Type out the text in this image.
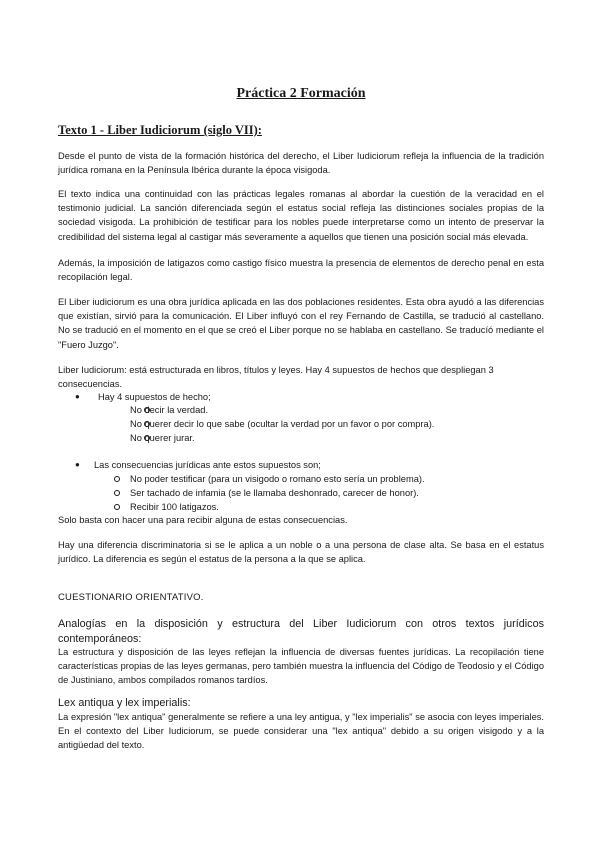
Práctica 2 Formación
Texto 1 - Liber Iudiciorum (siglo VII):

Desde el punto de vista de la formación histórica del derecho, el Liber Iudiciorum refleja la influencia de la tradición jurídica romana en la Península Ibérica durante la época visigoda.

El texto indica una continuidad con las prácticas legales romanas al abordar la cuestión de la veracidad en el testimonio judicial. La sanción diferenciada según el estatus social refleja las distinciones sociales propias de la sociedad visigoda. La prohibición de testificar para los nobles puede interpretarse como un intento de preservar la credibilidad del sistema legal al castigar más severamente a aquellos que tienen una posición social más elevada.

Además, la imposición de latigazos como castigo físico muestra la presencia de elementos de derecho penal en esta recopilación legal.

El Liber iudiciorum es una obra jurídica aplicada en las dos poblaciones residentes. Esta obra ayudó a las diferencias que existían, sirvió para la comunicación. El Liber influyó con el rey Fernando de Castilla, se tradució al castellano. No se tradució en el momento en el que se creó el Liber porque no se hablaba en castellano. Se traducíó mediante el "Fuero Juzgo".

Liber Iudiciorum: está estructurada en libros, títulos y leyes. Hay 4 supuestos de hechos que despliegan 3 consecuencias.

● Hay 4 supuestos de hecho;

No decir la verdad.

No querer decir lo que sabe (ocultar la verdad por un favor o por compra).

No querer jurar.

● Las consecuencias jurídicas ante estos supuestos son;

No poder testificar (para un visigodo o romano esto sería un problema).

Ser tachado de infamia (se le llamaba deshonrado, carecer de honor).

Recibir 100 latigazos.

Solo basta con hacer una para recibir alguna de estas consecuencias.

Hay una diferencia discriminatoria si se le aplica a un noble o a una persona de clase alta. Se basa en el estatus jurídico. La diferencia es según el estatus de la persona a la que se aplica.

CUESTIONARIO ORIENTATIVO.

Analogías en la disposición y estructura del Liber Iudiciorum con otros textos jurídicos contemporáneos:

La estructura y disposición de las leyes reflejan la influencia de diversas fuentes jurídicas. La recopilación tiene características propias de las leyes germanas, pero también muestra la influencia del Código de Teodosio y el Código de Justiniano, ambos compilados romanos tardíos.

Lex antiqua y lex imperialis:

La expresión "lex antiqua" generalmente se refiere a una ley antigua, y "lex imperialis" se asocia con leyes imperiales. En el contexto del Liber Iudiciorum, se puede considerar una "lex antiqua" debido a su origen visigodo y a la antigüedad del texto.
